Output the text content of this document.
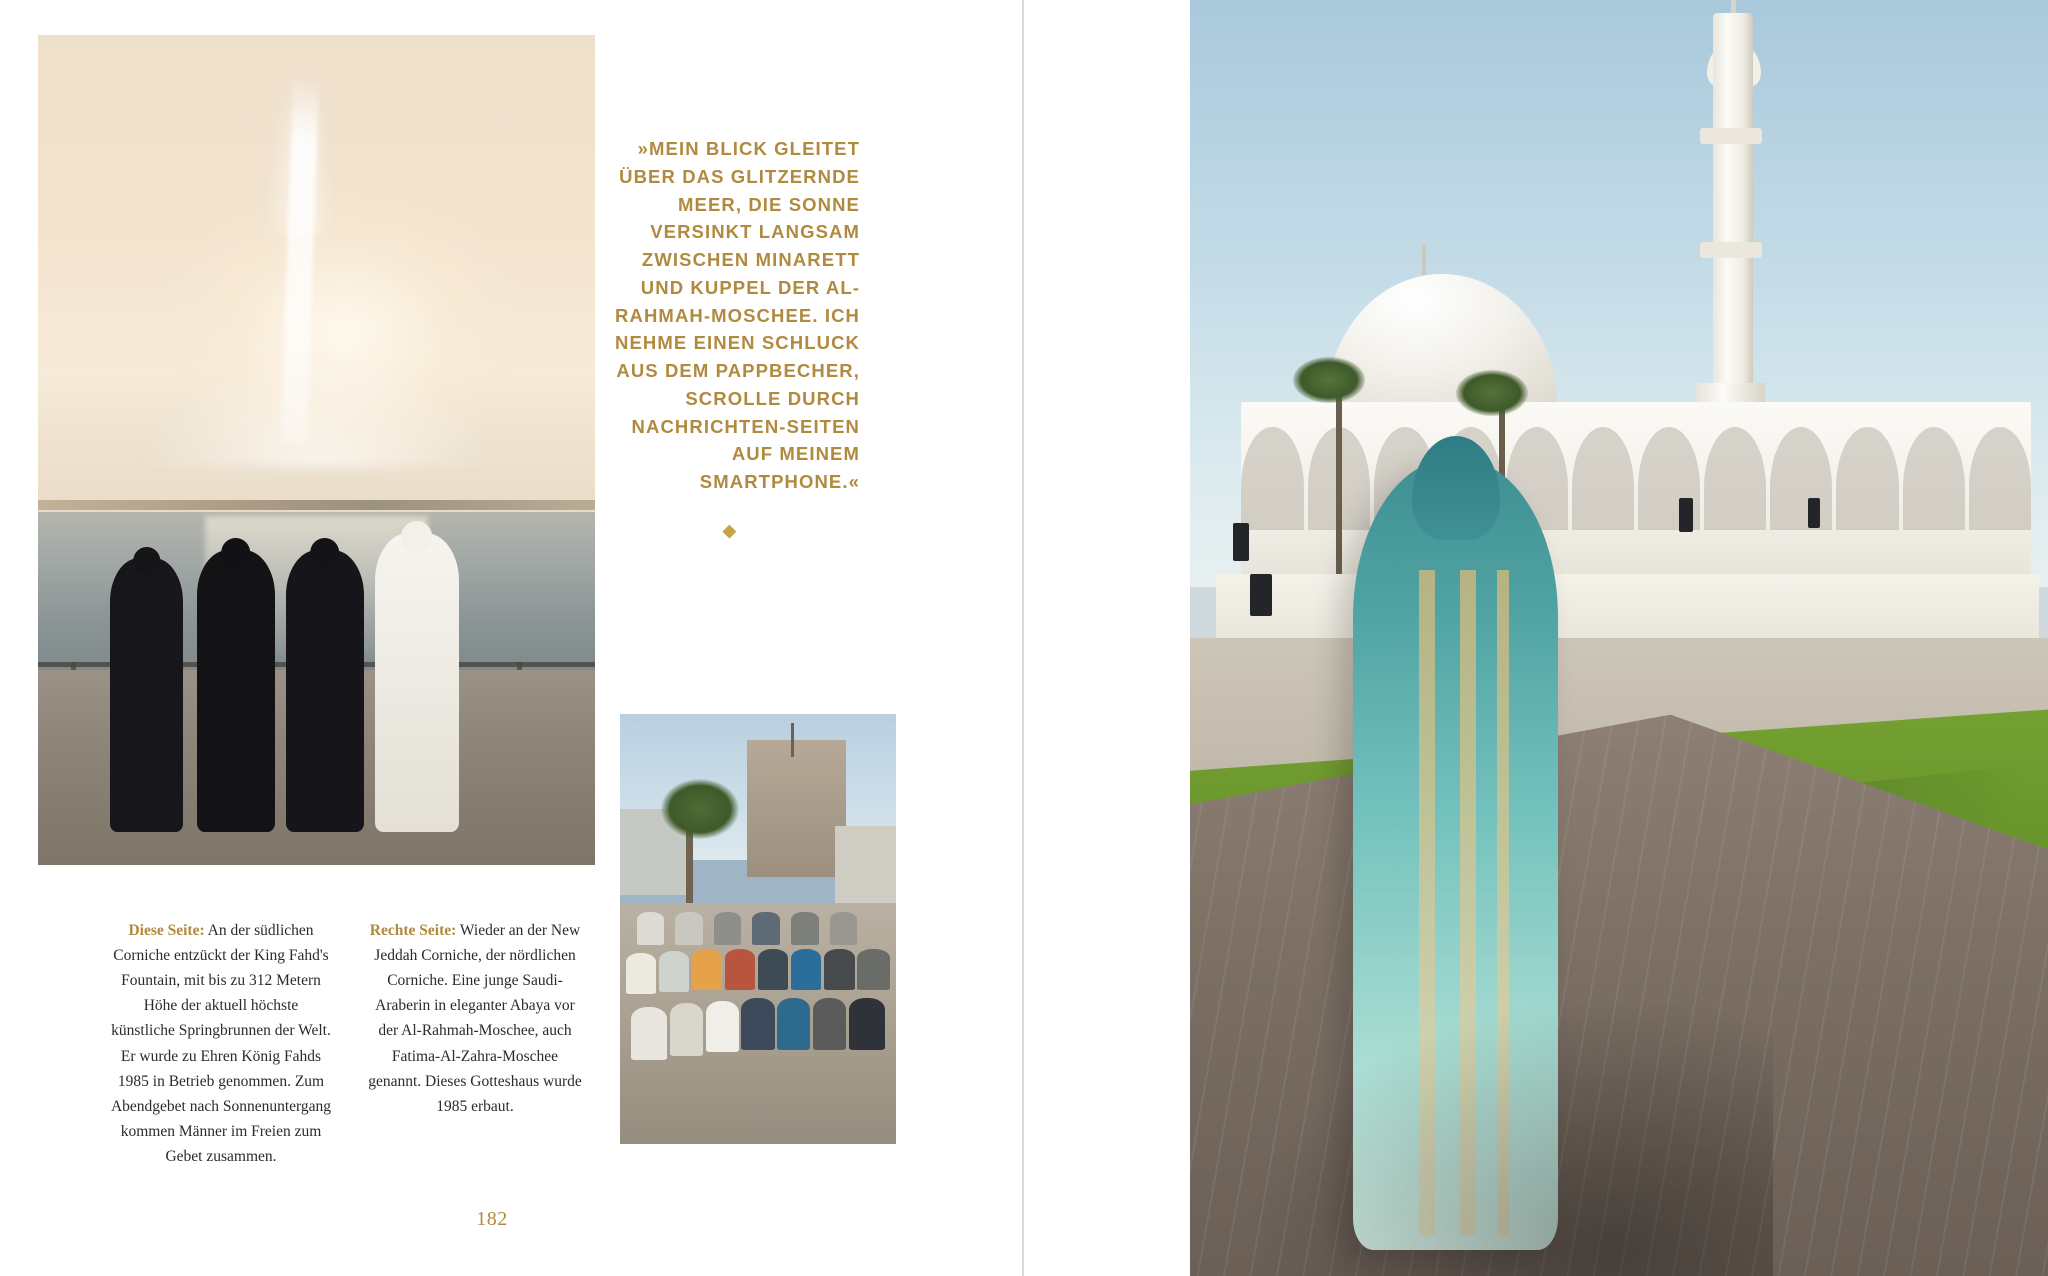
»MEIN BLICK GLEITET ÜBER DAS GLITZERNDE MEER, DIE SONNE VERSINKT LANGSAM ZWISCHEN MINARETT UND KUPPEL DER AL-RAHMAH-MOSCHEE. ICH NEHME EINEN SCHLUCK AUS DEM PAPPBECHER, SCROLLE DURCH NACHRICHTEN-SEITEN AUF MEINEM SMARTPHONE.«
◆
Diese Seite: An der südlichen Corniche entzückt der King Fahd's Fountain, mit bis zu 312 Metern Höhe der aktuell höchste künstliche Springbrunnen der Welt. Er wurde zu Ehren König Fahds 1985 in Betrieb genommen. Zum Abendgebet nach Sonnenuntergang kommen Männer im Freien zum Gebet zusammen.
Rechte Seite: Wieder an der New Jeddah Corniche, der nördlichen Corniche. Eine junge Saudi-Araberin in eleganter Abaya vor der Al-Rahmah-Moschee, auch Fatima-Al-Zahra-Moschee genannt. Dieses Gotteshaus wurde 1985 erbaut.
182
